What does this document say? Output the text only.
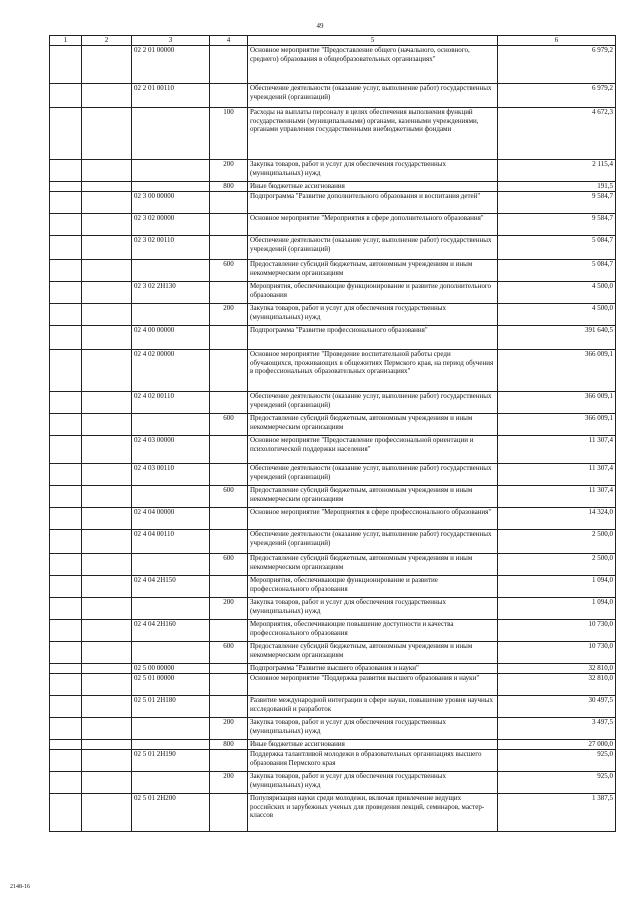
49
1	2	3	4	5	6
		02 2 01 00000		Основное мероприятие "Предоставление общего (начального, основного, среднего) образования в общеобразовательных организациях"	6 979,2
		02 2 01 00110		Обеспечение деятельности (оказание услуг, выполнение работ) государственных учреждений (организаций)	6 979,2
			100	Расходы на выплаты персоналу в целях обеспечения выполнения функций государственными (муниципальными) органами, казенными учреждениями, органами управления государственными внебюджетными фондами	4 672,3
			200	Закупка товаров, работ и услуг для обеспечения государственных (муниципальных) нужд	2 115,4
			800	Иные бюджетные ассигнования	191,5
		02 3 00 00000		Подпрограмма "Развитие дополнительного образования и воспитания детей"	9 584,7
		02 3 02 00000		Основное мероприятие "Мероприятия в сфере дополнительного образования"	9 584,7
		02 3 02 00110		Обеспечение деятельности (оказание услуг, выполнение работ) государственных учреждений (организаций)	5 084,7
			600	Предоставление субсидий бюджетным, автономным учреждениям и иным некоммерческим организациям	5 084,7
		02 3 02 2Н130		Мероприятия, обеспечивающие функционирование и развитие дополнительного образования	4 500,0
			200	Закупка товаров, работ и услуг для обеспечения государственных (муниципальных) нужд	4 500,0
		02 4 00 00000		Подпрограмма "Развитие профессионального образования"	391 640,5
		02 4 02 00000		Основное мероприятие "Проведение воспитательной работы среди обучающихся, проживающих в общежитиях Пермского края, на период обучения в профессиональных образовательных организациях"	366 009,1
		02 4 02 00110		Обеспечение деятельности (оказание услуг, выполнение работ) государственных учреждений (организаций)	366 009,1
			600	Предоставление субсидий бюджетным, автономным учреждениям и иным некоммерческим организациям	366 009,1
		02 4 03 00000		Основное мероприятие "Предоставление профессиональной ориентации и психологической поддержки населения"	11 307,4
		02 4 03 00110		Обеспечение деятельности (оказание услуг, выполнение работ) государственных учреждений (организаций)	11 307,4
			600	Предоставление субсидий бюджетным, автономным учреждениям и иным некоммерческим организациям	11 307,4
		02 4 04 00000		Основное мероприятие "Мероприятия в сфере профессионального образования"	14 324,0
		02 4 04 00110		Обеспечение деятельности (оказание услуг, выполнение работ) государственных учреждений (организаций)	2 500,0
			600	Предоставление субсидий бюджетным, автономным учреждениям и иным некоммерческим организациям	2 500,0
		02 4 04 2Н150		Мероприятия, обеспечивающие функционирование и развитие профессионального образования	1 094,0
			200	Закупка товаров, работ и услуг для обеспечения государственных (муниципальных) нужд	1 094,0
		02 4 04 2Н160		Мероприятия, обеспечивающие повышение доступности и качества профессионального образования	10 730,0
			600	Предоставление субсидий бюджетным, автономным учреждениям и иным некоммерческим организациям	10 730,0
		02 5 00 00000		Подпрограмма "Развитие высшего образования и науки"	32 810,0
		02 5 01 00000		Основное мероприятие "Поддержка развития высшего образования и науки"	32 810,0
		02 5 01 2Н180		Развитие международной интеграции в сфере науки, повышение уровня научных исследований и разработок	30 497,5
			200	Закупка товаров, работ и услуг для обеспечения государственных (муниципальных) нужд	3 497,5
			800	Иные бюджетные ассигнования	27 000,0
		02 5 01 2Н190		Поддержка талантливой молодежи в образовательных организациях высшего образования Пермского края	925,0
			200	Закупка товаров, работ и услуг для обеспечения государственных (муниципальных) нужд	925,0
		02 5 01 2Н200		Популяризация науки среди молодежи, включая привлечение ведущих российских и зарубежных ученых для проведения лекций, семинаров, мастер-классов	1 387,5
2148-16
